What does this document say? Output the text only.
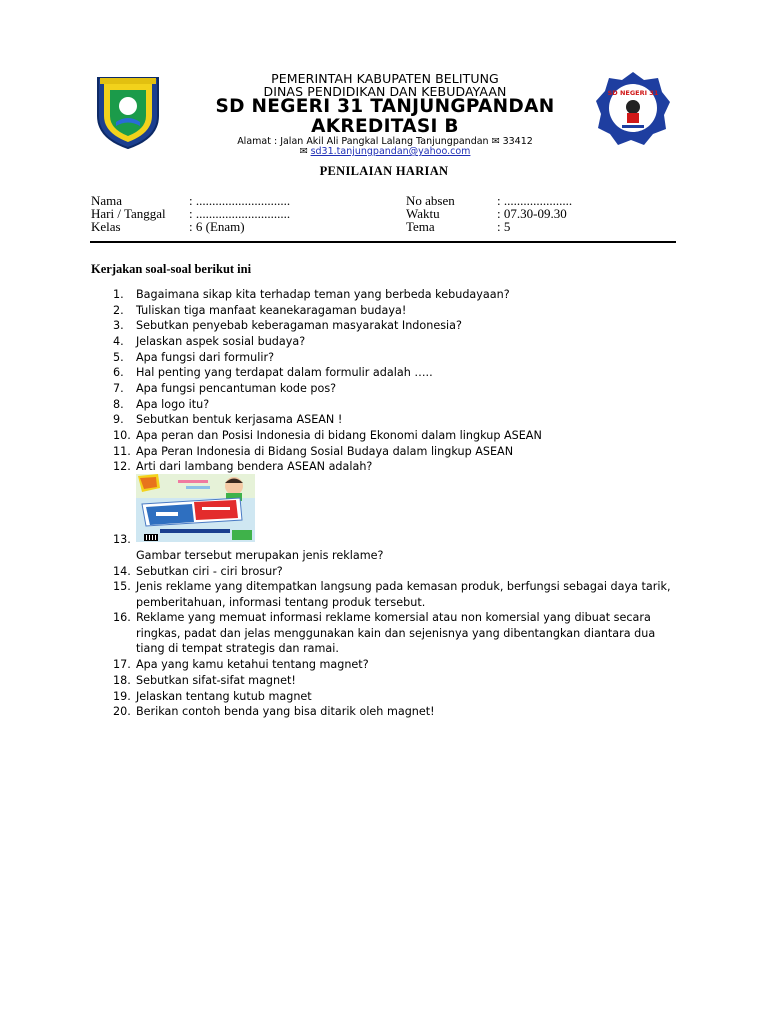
PEMERINTAH KABUPATEN BELITUNG
DINAS PENDIDIKAN DAN KEBUDAYAAN
SD NEGERI 31 TANJUNGPANDAN
AKREDITASI B
Alamat : Jalan Akil Ali Pangkal Lalang Tanjungpandan ✉ 33412
✉ sd31.tanjungpandan@yahoo.com
SD NEGERI 31
PENILAIAN HARIAN
Nama	: .............................
Hari / Tanggal : .............................
Kelas	: 6 (Enam)
No absen	: .....................
Waktu	: 07.30-09.30
Tema	: 5
Kerjakan soal-soal berikut ini
1.	Bagaimana sikap kita terhadap teman yang berbeda kebudayaan?
2.	Tuliskan tiga manfaat keanekaragaman budaya!
3.	Sebutkan penyebab keberagaman masyarakat Indonesia?
4.	Jelaskan aspek sosial budaya?
5.	Apa fungsi dari formulir?
6.	Hal penting yang terdapat dalam formulir adalah …..
7.	Apa fungsi pencantuman kode pos?
8.	Apa logo itu?
9.	Sebutkan bentuk kerjasama ASEAN !
10. Apa peran dan Posisi Indonesia di bidang Ekonomi dalam lingkup ASEAN
11. Apa Peran Indonesia di Bidang Sosial Budaya dalam lingkup ASEAN
12. Arti dari lambang bendera ASEAN adalah?
13.
Gambar tersebut merupakan jenis reklame?
14. Sebutkan ciri - ciri brosur?
15. Jenis reklame yang ditempatkan langsung pada kemasan produk, berfungsi sebagai daya tarik, pemberitahuan, informasi tentang produk tersebut.
16. Reklame yang memuat informasi reklame komersial atau non komersial yang dibuat secara ringkas, padat dan jelas menggunakan kain dan sejenisnya yang dibentangkan diantara dua tiang di tempat strategis dan ramai.
17. Apa yang kamu ketahui tentang magnet?
18. Sebutkan sifat-sifat magnet!
19. Jelaskan tentang kutub magnet
20. Berikan contoh benda yang bisa ditarik oleh magnet!
